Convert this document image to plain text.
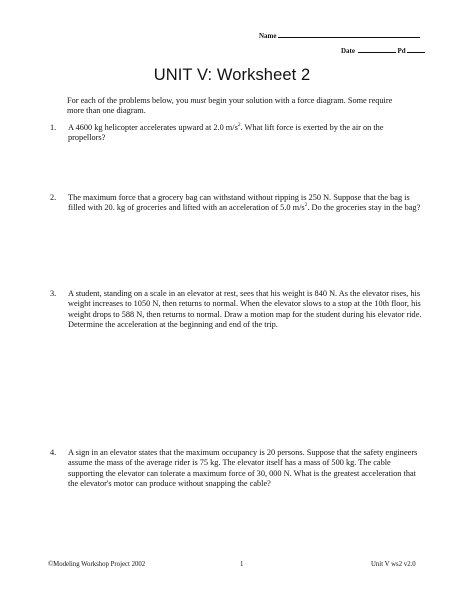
Name
Date	Pd
UNIT V: Worksheet 2
For each of the problems below, you must begin your solution with a force diagram. Some require more than one diagram.
1. A 4600 kg helicopter accelerates upward at 2.0 $m/s^2$. What lift force is exerted by the air on the propellors?
2. The maximum force that a grocery bag can withstand without ripping is 250 N. Suppose that the bag is filled with 20. kg of groceries and lifted with an acceleration of 5.0 $m/s^2$. Do the groceries stay in the bag?
3. A student, standing on a scale in an elevator at rest, sees that his weight is 840 N. As the elevator rises, his weight increases to 1050 N, then returns to normal. When the elevator slows to a stop at the 10th floor, his weight drops to 588 N, then returns to normal. Draw a motion map for the student during his elevator ride. Determine the acceleration at the beginning and end of the trip.
4. A sign in an elevator states that the maximum occupancy is 20 persons. Suppose that the safety engineers assume the mass of the average rider is 75 kg. The elevator itself has a mass of 500 kg. The cable supporting the elevator can tolerate a maximum force of 30, 000 N. What is the greatest acceleration that the elevator's motor can produce without snapping the cable?
©Modeling Workshop Project 2002	1	Unit V ws2 v2.0
